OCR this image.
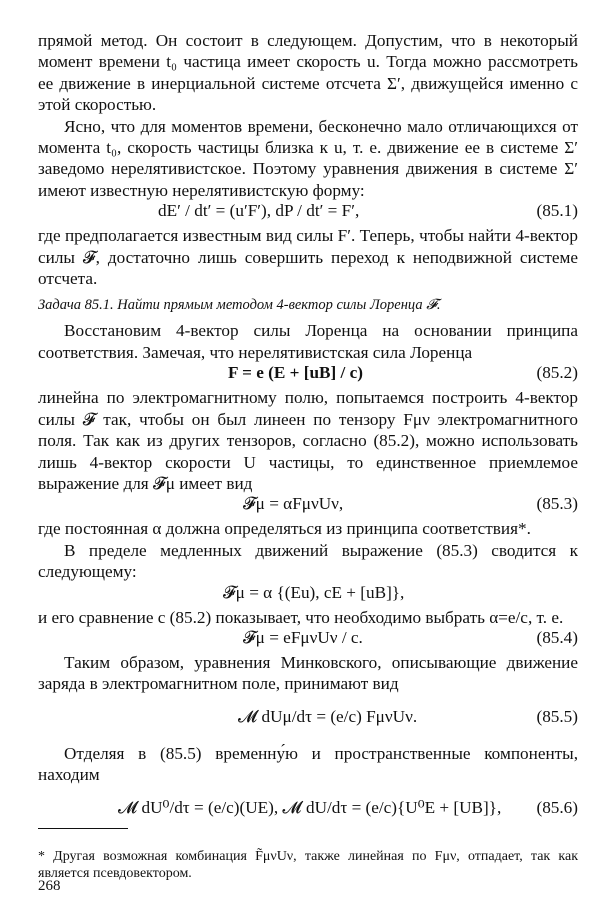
прямой метод. Он состоит в следующем. Допустим, что в некоторый момент времени t₀ частица имеет скорость u. Тогда можно рассмотреть ее движение в инерциальной системе отсчета Σ′, движущейся именно с этой скоростью.

Ясно, что для моментов времени, бесконечно мало отличающихся от момента t₀, скорость частицы близка к u, т. е. движение ее в системе Σ′ заведомо нерелятивистское. Поэтому уравнения движения в системе Σ′ имеют известную нерелятивистскую форму:

dE′ / dt′ = (u′F′), dP / dt′ = F′,	(85.1)

где предполагается известным вид силы F′. Теперь, чтобы найти 4-вектор силы 𝓕, достаточно лишь совершить переход к неподвижной системе отсчета.

Задача 85.1. Найти прямым методом 4-вектор силы Лоренца 𝓕.

Восстановим 4-вектор силы Лоренца на основании принципа соответствия. Замечая, что нерелятивистская сила Лоренца

F = e (E + [uB] / c)	(85.2)

линейна по электромагнитному полю, попытаемся построить 4-вектор силы 𝓕 так, чтобы он был линеен по тензору Fμν электромагнитного поля. Так как из других тензоров, согласно (85.2), можно использовать лишь 4-вектор скорости U частицы, то единственное приемлемое выражение для 𝓕μ имеет вид

𝓕μ = αFμνUν,	(85.3)

где постоянная α должна определяться из принципа соответствия*.

В пределе медленных движений выражение (85.3) сводится к следующему:

𝓕μ = α {(Eu), cE + [uB]},

и его сравнение с (85.2) показывает, что необходимо выбрать α=e/c, т. е.

𝓕μ = eFμνUν / c.	(85.4)

Таким образом, уравнения Минковского, описывающие движение заряда в электромагнитном поле, принимают вид

𝓜 dUμ/dτ = (e/c) FμνUν.	(85.5)

Отделяя в (85.5) временну́ю и пространственные компоненты, находим

𝓜 dU⁰/dτ = (e/c)(UE), 𝓜 dU/dτ = (e/c){U⁰E + [UB]}, (85.6)

* Другая возможная комбинация F̃μνUν, также линейная по Fμν, отпадает, так как является псевдовектором.

268
